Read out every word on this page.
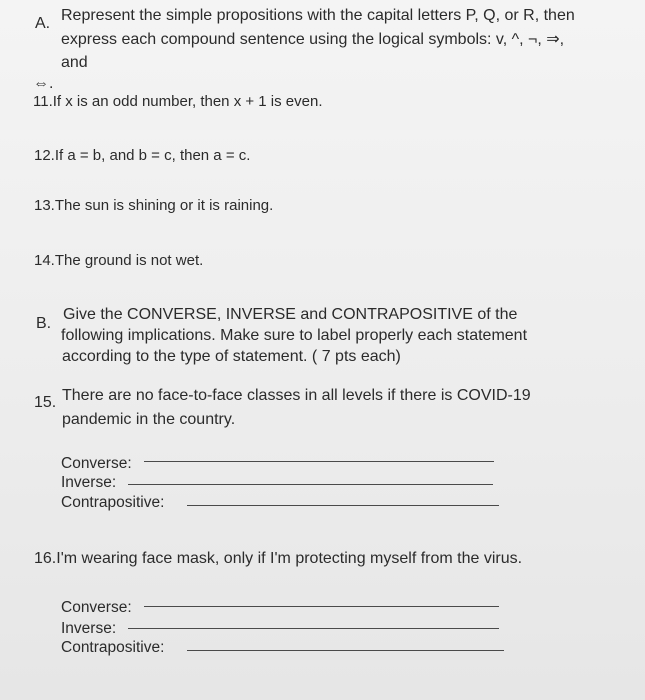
A. Represent the simple propositions with the capital letters P, Q, or R, then
express each compound sentence using the logical symbols: v, ^, ¬, ⇒,
and
⇔.
11.If x is an odd number, then x + 1 is even.
12.If a = b, and b = c, then a = c.
13.The sun is shining or it is raining.
14.The ground is not wet.
B.
Give the CONVERSE, INVERSE and CONTRAPOSITIVE of the
following implications. Make sure to label properly each statement
according to the type of statement. ( 7 pts each)
15. There are no face-to-face classes in all levels if there is COVID-19
pandemic in the country.
Converse:
Inverse:
Contrapositive:
16.I'm wearing face mask, only if I'm protecting myself from the virus.
Converse:
Inverse:
Contrapositive:
